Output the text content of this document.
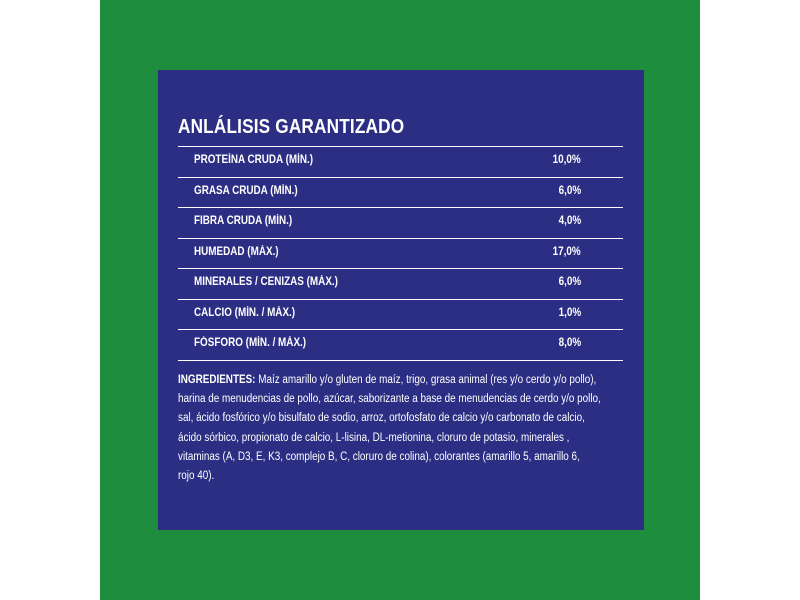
ANLÁLISIS GARANTIZADO
PROTEÍNA CRUDA (MÍN.)	10,0%
GRASA CRUDA (MÍN.)	6,0%
FIBRA CRUDA (MÍN.)	4,0%
HUMEDAD (MÁX.)	17,0%
MINERALES / CENIZAS (MÁX.)	6,0%
CALCIO (MÍN. / MÁX.)	1,0%
FÓSFORO (MÍN. / MÁX.)	8,0%
INGREDIENTES: Maíz amarillo y/o gluten de maíz, trigo, grasa animal (res y/o cerdo y/o pollo),
harina de menudencias de pollo, azúcar, saborizante a base de menudencias de cerdo y/o pollo,
sal, ácido fosfórico y/o bisulfato de sodio, arroz, ortofosfato de calcio y/o carbonato de calcio,
ácido sórbico, propionato de calcio, L-lisina, DL-metionina, cloruro de potasio, minerales ,
vitaminas (A, D3, E, K3, complejo B, C, cloruro de colina), colorantes (amarillo 5, amarillo 6,
rojo 40).
